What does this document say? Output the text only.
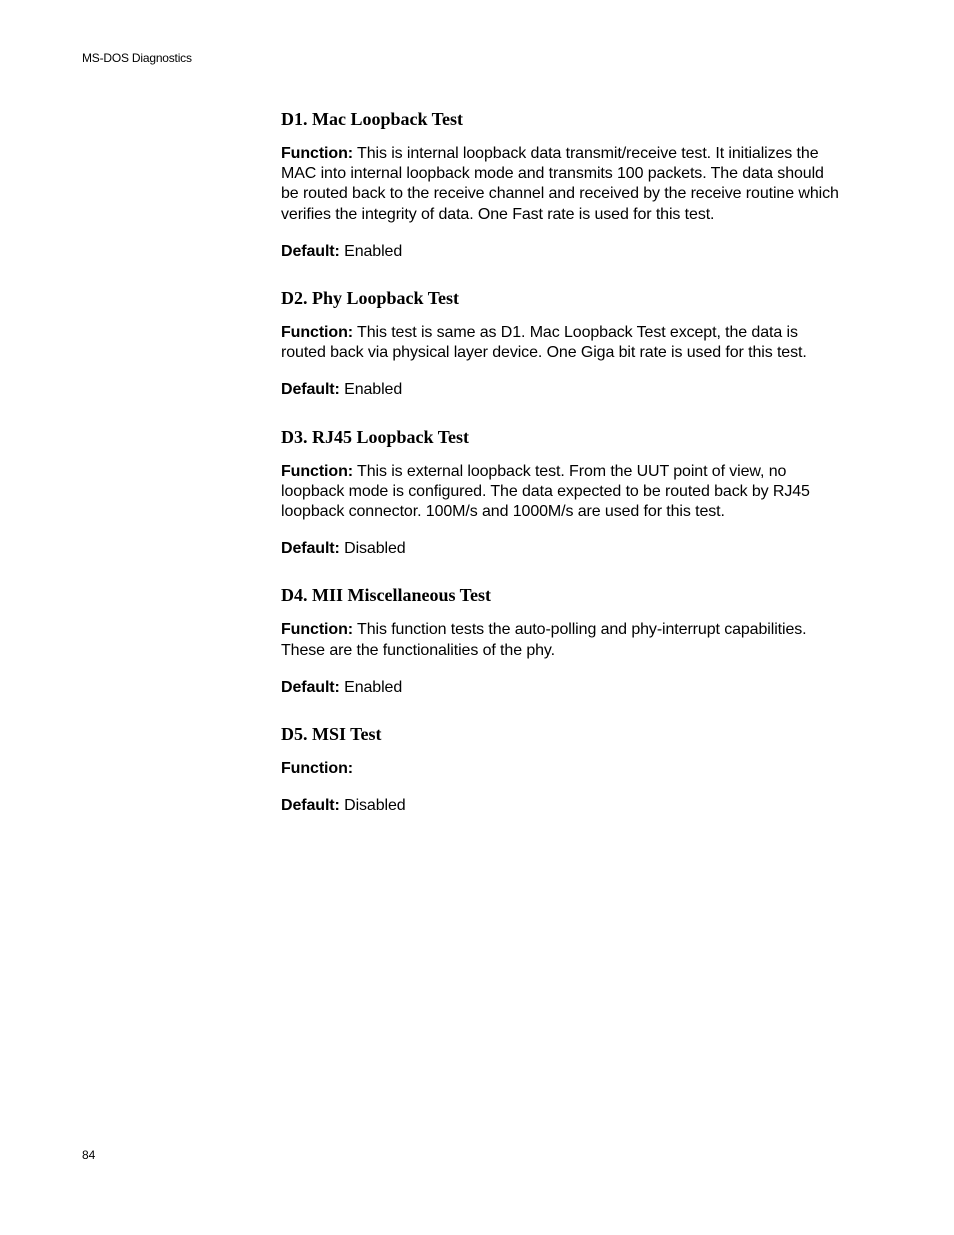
MS-DOS Diagnostics
D1. Mac Loopback Test
Function: This is internal loopback data transmit/receive test. It initializes the MAC into internal loopback mode and transmits 100 packets. The data should be routed back to the receive channel and received by the receive routine which verifies the integrity of data. One Fast rate is used for this test.
Default: Enabled
D2. Phy Loopback Test
Function: This test is same as D1. Mac Loopback Test except, the data is routed back via physical layer device. One Giga bit rate is used for this test.
Default: Enabled
D3. RJ45 Loopback Test
Function: This is external loopback test. From the UUT point of view, no loopback mode is configured. The data expected to be routed back by RJ45 loopback connector. 100M/s and 1000M/s are used for this test.
Default: Disabled
D4. MII Miscellaneous Test
Function: This function tests the auto-polling and phy-interrupt capabilities. These are the functionalities of the phy.
Default: Enabled
D5. MSI Test
Function:
Default: Disabled
84
